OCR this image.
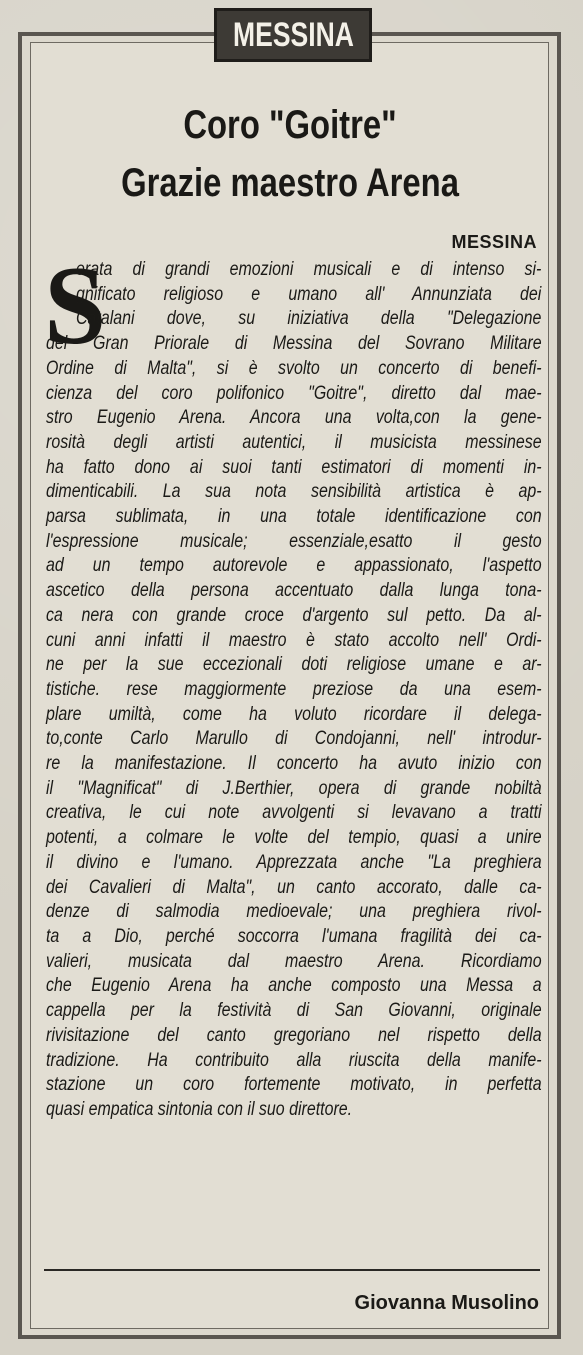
MESSINA
Coro "Goitre"
Grazie maestro Arena
MESSINA
S
erata di grandi emozioni musicali e di intenso si-
gnificato religioso e umano all' Annunziata dei
Catalani dove, su iniziativa della "Delegazione
del Gran Priorale di Messina del Sovrano Militare
Ordine di Malta", si è svolto un concerto di benefi-
cienza del coro polifonico "Goitre", diretto dal mae-
stro Eugenio Arena. Ancora una volta,con la gene-
rosità degli artisti autentici, il musicista messinese
ha fatto dono ai suoi tanti estimatori di momenti in-
dimenticabili. La sua nota sensibilità artistica è ap-
parsa sublimata, in una totale identificazione con
l'espressione musicale; essenziale,esatto il gesto
ad un tempo autorevole e appassionato, l'aspetto
ascetico della persona accentuato dalla lunga tona-
ca nera con grande croce d'argento sul petto. Da al-
cuni anni infatti il maestro è stato accolto nell' Ordi-
ne per la sue eccezionali doti religiose umane e ar-
tistiche. rese maggiormente preziose da una esem-
plare umiltà, come ha voluto ricordare il delega-
to,conte Carlo Marullo di Condojanni, nell' introdur-
re la manifestazione. Il concerto ha avuto inizio con
il "Magnificat" di J.Berthier, opera di grande nobiltà
creativa, le cui note avvolgenti si levavano a tratti
potenti, a colmare le volte del tempio, quasi a unire
il divino e l'umano. Apprezzata anche "La preghiera
dei Cavalieri di Malta", un canto accorato, dalle ca-
denze di salmodia medioevale; una preghiera rivol-
ta a Dio, perché soccorra l'umana fragilità dei ca-
valieri, musicata dal maestro Arena. Ricordiamo
che Eugenio Arena ha anche composto una Messa a
cappella per la festività di San Giovanni, originale
rivisitazione del canto gregoriano nel rispetto della
tradizione. Ha contribuito alla riuscita della manife-
stazione un coro fortemente motivato, in perfetta
quasi empatica sintonia con il suo direttore.
Giovanna Musolino
